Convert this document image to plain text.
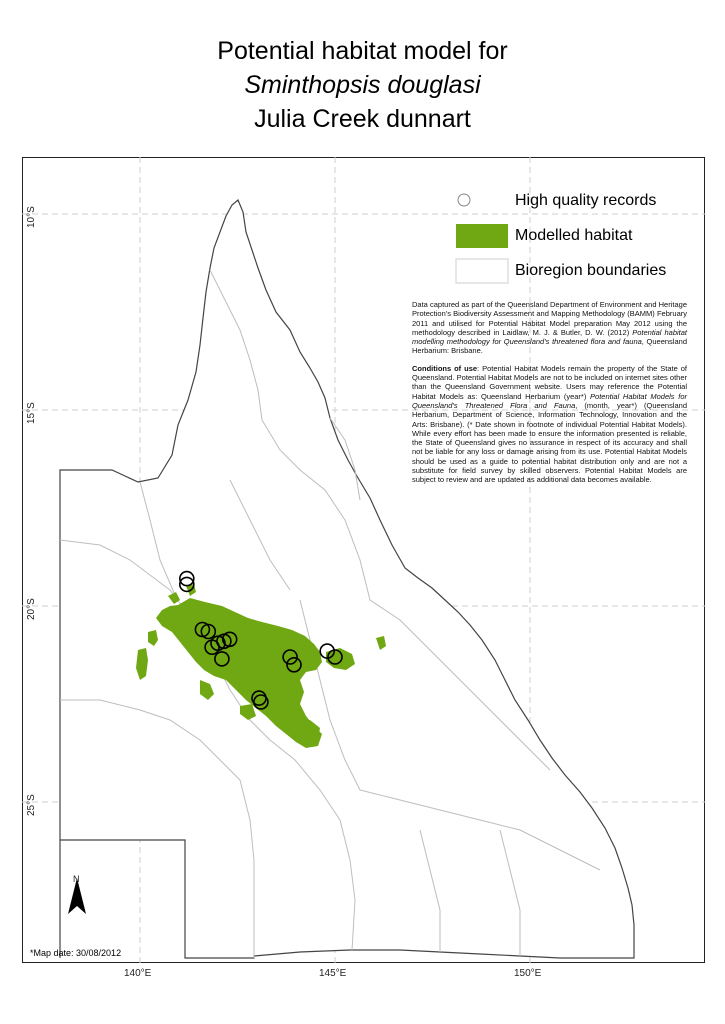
Potential habitat model for
Sminthopsis douglasi
Julia Creek dunnart
10°S
15°S
20°S
25°S
140°E	145°E	150°E
High quality records
Modelled habitat
Bioregion boundaries

Data captured as part of the Queensland Department of Environment and Heritage Protection's Biodiversity Assessment and Mapping Methodology (BAMM) February 2011 and utilised for Potential Habitat Model preparation May 2012 using the methodology described in Laidlaw, M. J. & Butler, D. W. (2012) Potential habitat modelling methodology for Queensland's threatened flora and fauna, Queensland Herbarium: Brisbane.

Conditions of use: Potential Habitat Models remain the property of the State of Queensland. Potential Habitat Models are not to be included on internet sites other than the Queensland Government website. Users may reference the Potential Habitat Models as: Queensland Herbarium (year*) Potential Habitat Models for Queensland's Threatened Flora and Fauna, (month, year*) (Queensland Herbarium, Department of Science, Information Technology, Innovation and the Arts: Brisbane). (* Date shown in footnote of individual Potential Habitat Models). While every effort has been made to ensure the information presented is reliable, the State of Queensland gives no assurance in respect of its accuracy and shall not be liable for any loss or damage arising from its use. Potential Habitat Models should be used as a guide to potential habitat distribution only and are not a substitute for field survey by skilled observers. Potential Habitat Models are subject to review and are updated as additional data becomes available.

*Map date: 30/08/2012
N
